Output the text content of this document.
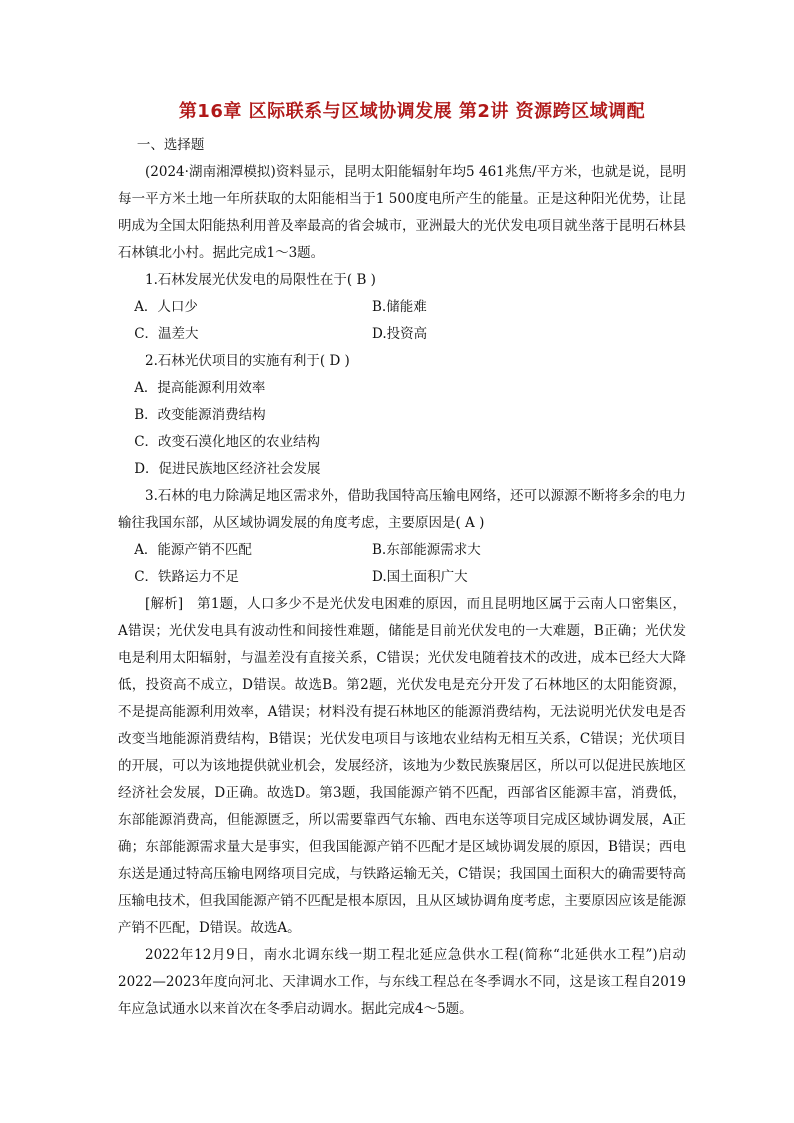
第16章 区际联系与区域协调发展 第2讲 资源跨区域调配

一、选择题

(2024·湖南湘潭模拟)资料显示，昆明太阳能辐射年均5 461兆焦/平方米，也就是说，昆明每一平方米土地一年所获取的太阳能相当于1 500度电所产生的能量。正是这种阳光优势，让昆明成为全国太阳能热利用普及率最高的省会城市，亚洲最大的光伏发电项目就坐落于昆明石林县石林镇北小村。据此完成1～3题。

1.石林发展光伏发电的局限性在于( B )

A．人口少	B.储能难
C．温差大	D.投资高

2.石林光伏项目的实施有利于( D )

A．提高能源利用效率

B．改变能源消费结构

C．改变石漠化地区的农业结构

D．促进民族地区经济社会发展

3.石林的电力除满足地区需求外，借助我国特高压输电网络，还可以源源不断将多余的电力输往我国东部，从区域协调发展的角度考虑，主要原因是( A )

A．能源产销不匹配	B.东部能源需求大
C．铁路运力不足	D.国土面积广大

[解析]　第1题，人口多少不是光伏发电困难的原因，而且昆明地区属于云南人口密集区，A错误；光伏发电具有波动性和间接性难题，储能是目前光伏发电的一大难题，B正确；光伏发电是利用太阳辐射，与温差没有直接关系，C错误；光伏发电随着技术的改进，成本已经大大降低，投资高不成立，D错误。故选B。第2题，光伏发电是充分开发了石林地区的太阳能资源，不是提高能源利用效率，A错误；材料没有提石林地区的能源消费结构，无法说明光伏发电是否改变当地能源消费结构，B错误；光伏发电项目与该地农业结构无相互关系，C错误；光伏项目的开展，可以为该地提供就业机会，发展经济，该地为少数民族聚居区，所以可以促进民族地区经济社会发展，D正确。故选D。第3题，我国能源产销不匹配，西部省区能源丰富，消费低，东部能源消费高，但能源匮乏，所以需要靠西气东输、西电东送等项目完成区域协调发展，A正确；东部能源需求量大是事实，但我国能源产销不匹配才是区域协调发展的原因，B错误；西电东送是通过特高压输电网络项目完成，与铁路运输无关，C错误；我国国土面积大的确需要特高压输电技术，但我国能源产销不匹配是根本原因，且从区域协调角度考虑，主要原因应该是能源产销不匹配，D错误。故选A。

2022年12月9日，南水北调东线一期工程北延应急供水工程(简称“北延供水工程”)启动2022—2023年度向河北、天津调水工作，与东线工程总在冬季调水不同，这是该工程自2019年应急试通水以来首次在冬季启动调水。据此完成4～5题。
